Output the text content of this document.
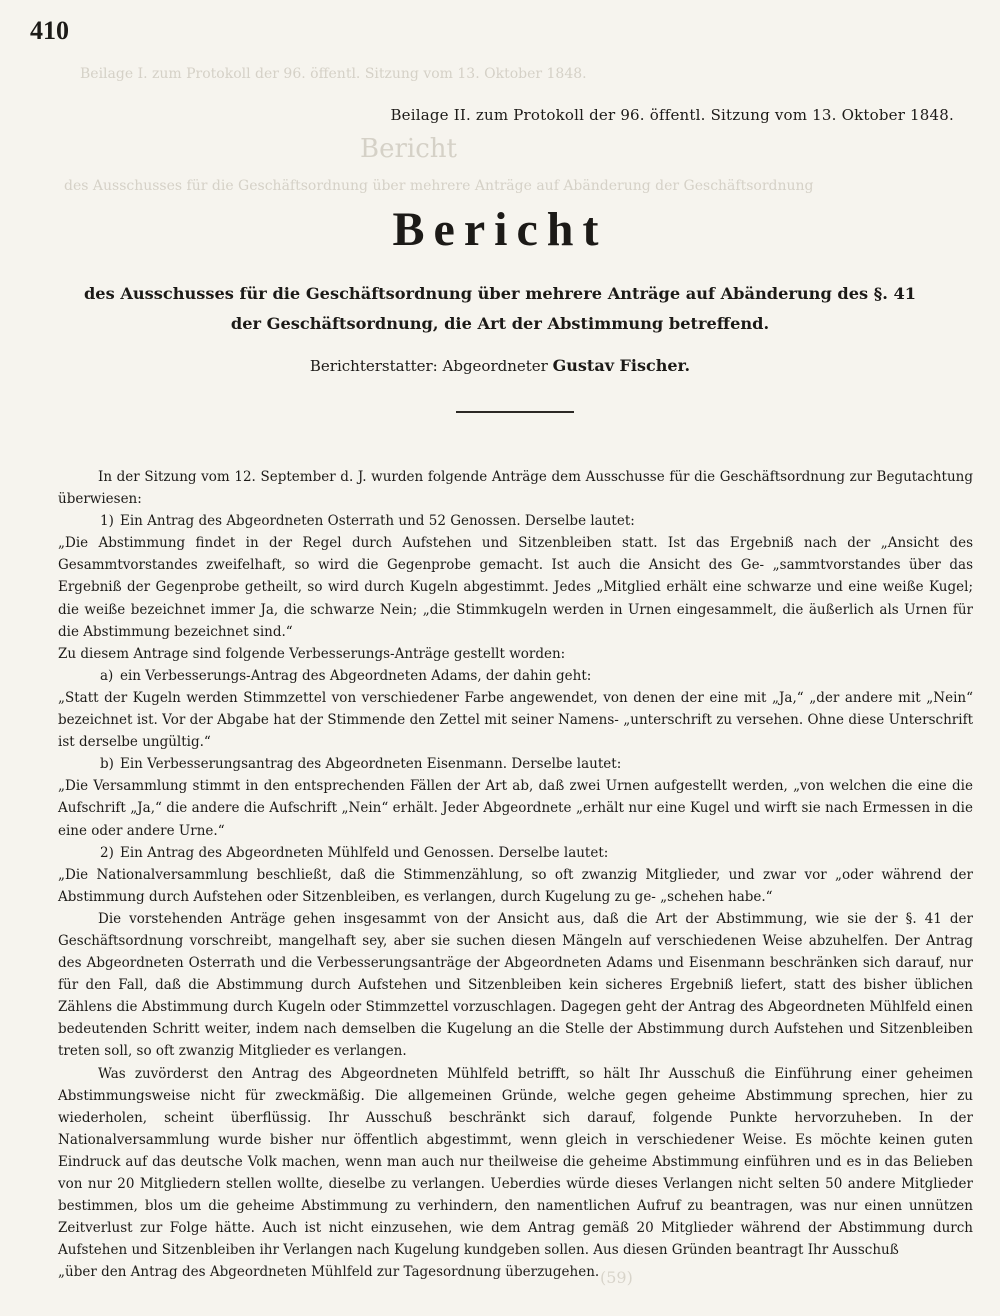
410
Beilage I. zum Protokoll der 96. öffentl. Sitzung vom 13. Oktober 1848.
Bericht
des Ausschusses für die Geschäftsordnung über mehrere Anträge auf Abänderung der Geschäftsordnung
Beilage II. zum Protokoll der 96. öffentl. Sitzung vom 13. Oktober 1848.
Bericht
des Ausschusses für die Geschäftsordnung über mehrere Anträge auf Abänderung des §. 41
der Geschäftsordnung, die Art der Abstimmung betreffend.
Berichterstatter: Abgeordneter Gustav Fischer.

In der Sitzung vom 12. September d. J. wurden folgende Anträge dem Ausschusse für die Geschäftsordnung zur Begutachtung überwiesen:

1) Ein Antrag des Abgeordneten Osterrath und 52 Genossen. Derselbe lautet:

„Die Abstimmung findet in der Regel durch Aufstehen und Sitzenbleiben statt. Ist das Ergebniß nach der „Ansicht des Gesammtvorstandes zweifelhaft, so wird die Gegenprobe gemacht. Ist auch die Ansicht des Ge- „sammtvorstandes über das Ergebniß der Gegenprobe getheilt, so wird durch Kugeln abgestimmt. Jedes „Mitglied erhält eine schwarze und eine weiße Kugel; die weiße bezeichnet immer Ja, die schwarze Nein; „die Stimmkugeln werden in Urnen eingesammelt, die äußerlich als Urnen für die Abstimmung bezeichnet sind.“

Zu diesem Antrage sind folgende Verbesserungs-Anträge gestellt worden:

a) ein Verbesserungs-Antrag des Abgeordneten Adams, der dahin geht:

„Statt der Kugeln werden Stimmzettel von verschiedener Farbe angewendet, von denen der eine mit „Ja,“ „der andere mit „Nein“ bezeichnet ist. Vor der Abgabe hat der Stimmende den Zettel mit seiner Namens- „unterschrift zu versehen. Ohne diese Unterschrift ist derselbe ungültig.“

b) Ein Verbesserungsantrag des Abgeordneten Eisenmann. Derselbe lautet:

„Die Versammlung stimmt in den entsprechenden Fällen der Art ab, daß zwei Urnen aufgestellt werden, „von welchen die eine die Aufschrift „Ja,“ die andere die Aufschrift „Nein“ erhält. Jeder Abgeordnete „erhält nur eine Kugel und wirft sie nach Ermessen in die eine oder andere Urne.“

2) Ein Antrag des Abgeordneten Mühlfeld und Genossen. Derselbe lautet:

„Die Nationalversammlung beschließt, daß die Stimmenzählung, so oft zwanzig Mitglieder, und zwar vor „oder während der Abstimmung durch Aufstehen oder Sitzenbleiben, es verlangen, durch Kugelung zu ge- „schehen habe.“

Die vorstehenden Anträge gehen insgesammt von der Ansicht aus, daß die Art der Abstimmung, wie sie der §. 41 der Geschäftsordnung vorschreibt, mangelhaft sey, aber sie suchen diesen Mängeln auf verschiedenen Weise abzuhelfen. Der Antrag des Abgeordneten Osterrath und die Verbesserungsanträge der Abgeordneten Adams und Eisenmann beschränken sich darauf, nur für den Fall, daß die Abstimmung durch Aufstehen und Sitzenbleiben kein sicheres Ergebniß liefert, statt des bisher üblichen Zählens die Abstimmung durch Kugeln oder Stimmzettel vorzuschlagen. Dagegen geht der Antrag des Abgeordneten Mühlfeld einen bedeutenden Schritt weiter, indem nach demselben die Kugelung an die Stelle der Abstimmung durch Aufstehen und Sitzenbleiben treten soll, so oft zwanzig Mitglieder es verlangen.

Was zuvörderst den Antrag des Abgeordneten Mühlfeld betrifft, so hält Ihr Ausschuß die Einführung einer geheimen Abstimmungsweise nicht für zweckmäßig. Die allgemeinen Gründe, welche gegen geheime Abstimmung sprechen, hier zu wiederholen, scheint überflüssig. Ihr Ausschuß beschränkt sich darauf, folgende Punkte hervorzuheben. In der Nationalversammlung wurde bisher nur öffentlich abgestimmt, wenn gleich in verschiedener Weise. Es möchte keinen guten Eindruck auf das deutsche Volk machen, wenn man auch nur theilweise die geheime Abstimmung einführen und es in das Belieben von nur 20 Mitgliedern stellen wollte, dieselbe zu verlangen. Ueberdies würde dieses Verlangen nicht selten 50 andere Mitglieder bestimmen, blos um die geheime Abstimmung zu verhindern, den namentlichen Aufruf zu beantragen, was nur einen unnützen Zeitverlust zur Folge hätte. Auch ist nicht einzusehen, wie dem Antrag gemäß 20 Mitglieder während der Abstimmung durch Aufstehen und Sitzenbleiben ihr Verlangen nach Kugelung kundgeben sollen. Aus diesen Gründen beantragt Ihr Ausschuß

„über den Antrag des Abgeordneten Mühlfeld zur Tagesordnung überzugehen. (59)
